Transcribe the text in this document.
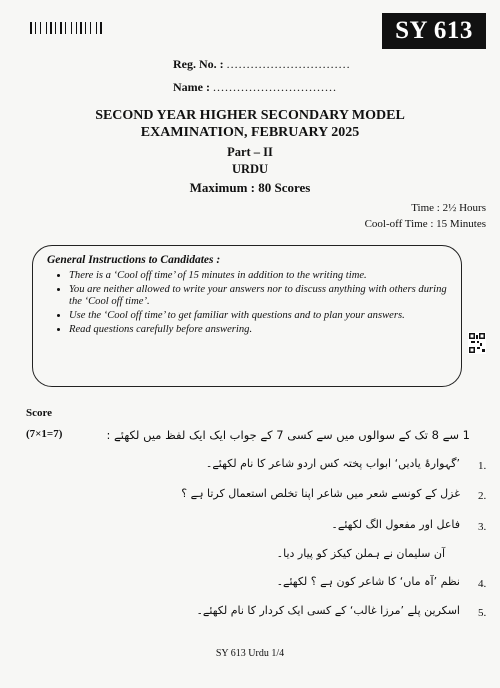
SY 613
Reg. No. : ...............................
Name : ...............................
SECOND YEAR HIGHER SECONDARY MODEL
EXAMINATION, FEBRUARY 2025
Part – II
URDU
Maximum : 80 Scores
Time : 2½ Hours
Cool-off Time : 15 Minutes
General Instructions to Candidates :
• There is a ‘Cool off time’ of 15 minutes in addition to the writing time.
• You are neither allowed to write your answers nor to discuss anything with others during the ‘Cool off time’.
• Use the ‘Cool off time’ to get familiar with questions and to plan your answers.
• Read questions carefully before answering.
Score
(7×1=7)	1 سے 8 تک کے سوالوں میں سے کسی 7 کے جواب ایک ایک لفظ میں لکھئے :
1.
’گہوارۂ یادیں‘ ابواب پختہ کس اردو شاعر کا نام لکھئے۔
2.
غزل کے کونسے شعر میں شاعر اپنا تخلص استعمال کرتا ہے ؟
3.
فاعل اور مفعول الگ لکھئے۔
آن سلیمان نے ہملن کیکز کو پیار دیا۔
4.
نظم ’آہ ماں‘ کا شاعر کون ہے ؟ لکھئے۔
5.
اسکرین پلے ’مرزا غالب‘ کے کسی ایک کردار کا نام لکھئے۔
SY 613 Urdu 1/4
